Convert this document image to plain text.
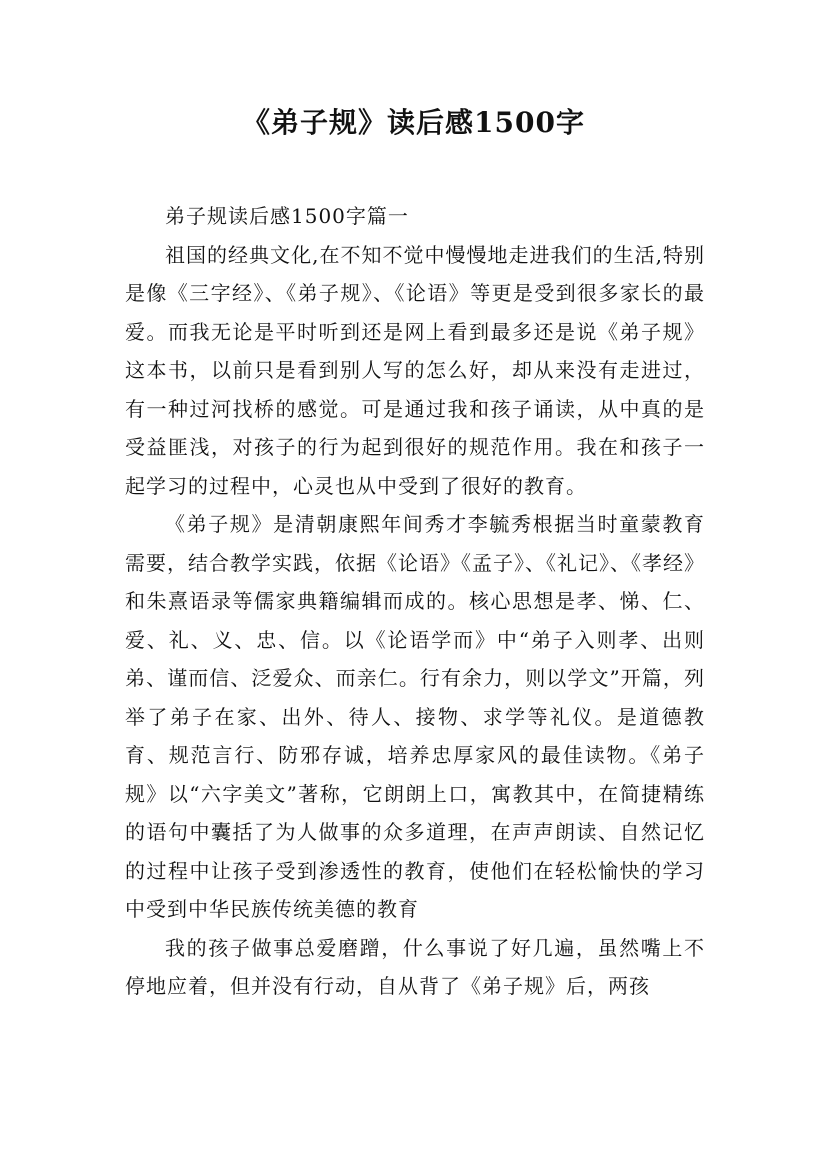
《弟子规》读后感1500字

弟子规读后感1500字篇一

祖国的经典文化,在不知不觉中慢慢地走进我们的生活,特别是像《三字经》、《弟子规》、《论语》等更是受到很多家长的最爱。而我无论是平时听到还是网上看到最多还是说《弟子规》这本书，以前只是看到别人写的怎么好，却从来没有走进过，有一种过河找桥的感觉。可是通过我和孩子诵读，从中真的是受益匪浅，对孩子的行为起到很好的规范作用。我在和孩子一起学习的过程中，心灵也从中受到了很好的教育。

《弟子规》是清朝康熙年间秀才李毓秀根据当时童蒙教育需要，结合教学实践，依据《论语》《孟子》、《礼记》、《孝经》和朱熹语录等儒家典籍编辑而成的。核心思想是孝、悌、仁、爱、礼、义、忠、信。以《论语学而》中“弟子入则孝、出则弟、谨而信、泛爱众、而亲仁。行有余力，则以学文”开篇，列举了弟子在家、出外、待人、接物、求学等礼仪。是道德教育、规范言行、防邪存诚，培养忠厚家风的最佳读物。《弟子规》以“六字美文”著称，它朗朗上口，寓教其中，在简捷精练的语句中囊括了为人做事的众多道理，在声声朗读、自然记忆的过程中让孩子受到渗透性的教育，使他们在轻松愉快的学习中受到中华民族传统美德的教育

我的孩子做事总爱磨蹭，什么事说了好几遍，虽然嘴上不停地应着，但并没有行动，自从背了《弟子规》后，两孩
